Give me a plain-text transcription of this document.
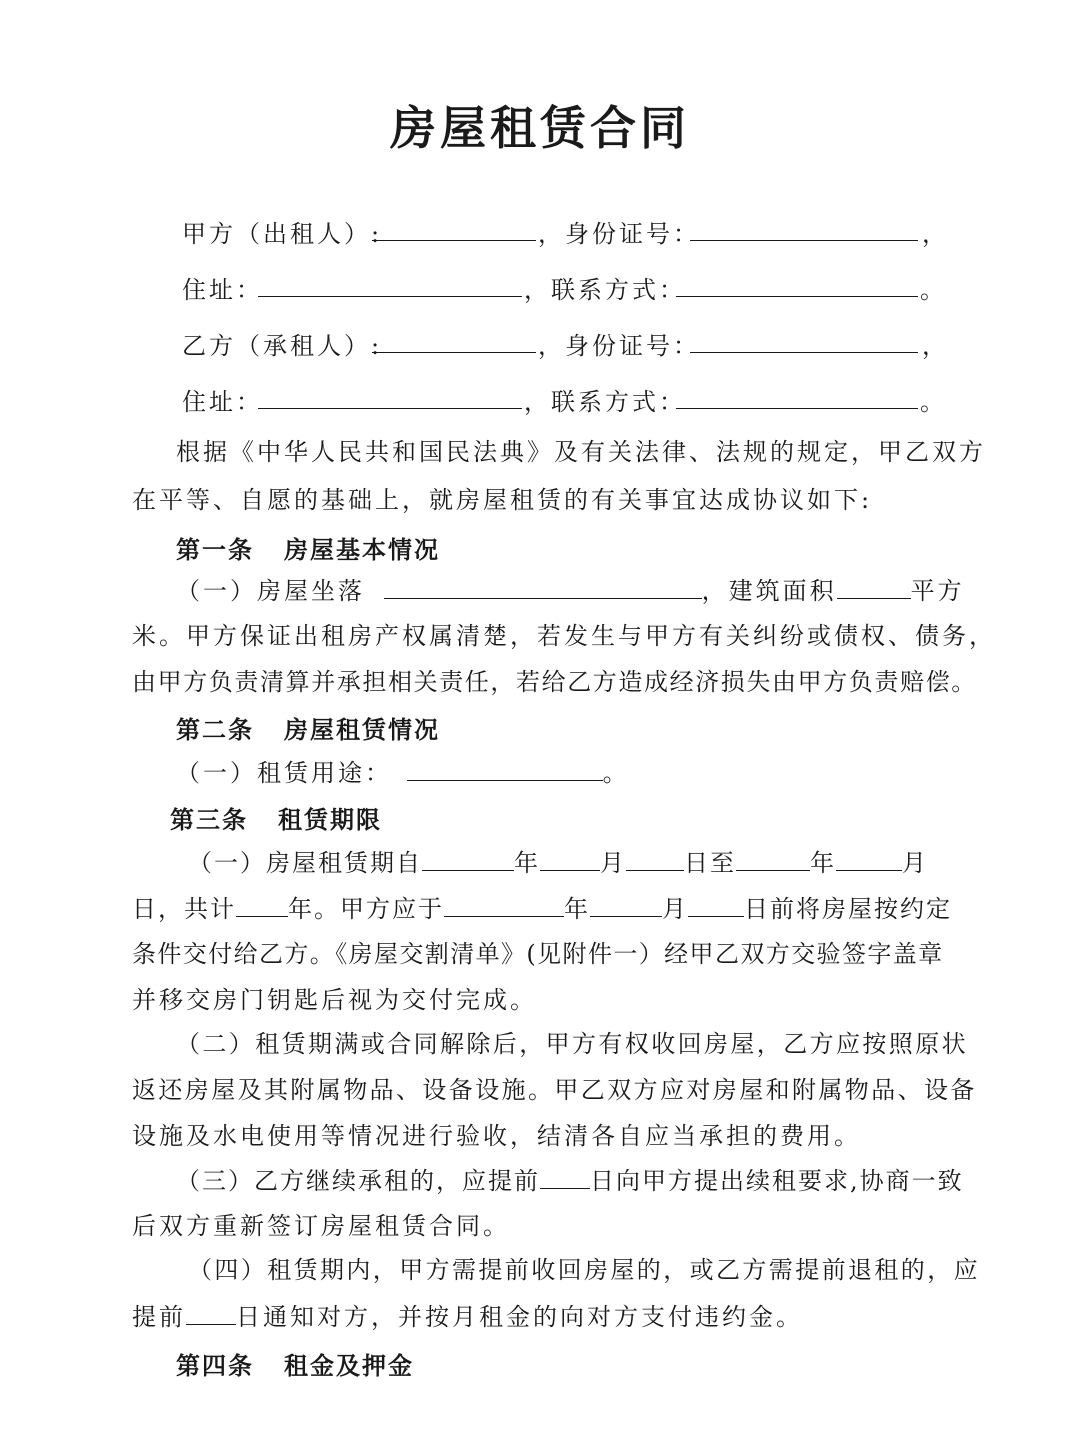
房屋租赁合同
甲方（出租人）:	，身份证号：	，
住址：	，联系方式：	。
乙方（承租人）:	，身份证号：	，
住址：	，联系方式：	。
根据《中华人民共和国民法典》及有关法律、法规的规定，甲乙双方
在平等、自愿的基础上，就房屋租赁的有关事宜达成协议如下:
第一条 房屋基本情况
（一）房屋坐落	，建筑面积	平方
米。甲方保证出租房产权属清楚，若发生与甲方有关纠纷或债权、债务，
由甲方负责清算并承担相关责任，若给乙方造成经济损失由甲方负责赔偿。
第二条 房屋租赁情况
（一）租赁用途：	。
第三条 租赁期限
（一）房屋租赁期自	年	月 日至	年	月
日，共计 年。甲方应于	年	月 日前将房屋按约定
条件交付给乙方。《房屋交割清单》(见附件一）经甲乙双方交验签字盖章
并移交房门钥匙后视为交付完成。
（二）租赁期满或合同解除后，甲方有权收回房屋，乙方应按照原状
返还房屋及其附属物品、设备设施。甲乙双方应对房屋和附属物品、设备
设施及水电使用等情况进行验收，结清各自应当承担的费用。
（三）乙方继续承租的，应提前 日向甲方提出续租要求,协商一致
后双方重新签订房屋租赁合同。
（四）租赁期内，甲方需提前收回房屋的，或乙方需提前退租的，应
提前 日通知对方，并按月租金的向对方支付违约金。
第四条 租金及押金
